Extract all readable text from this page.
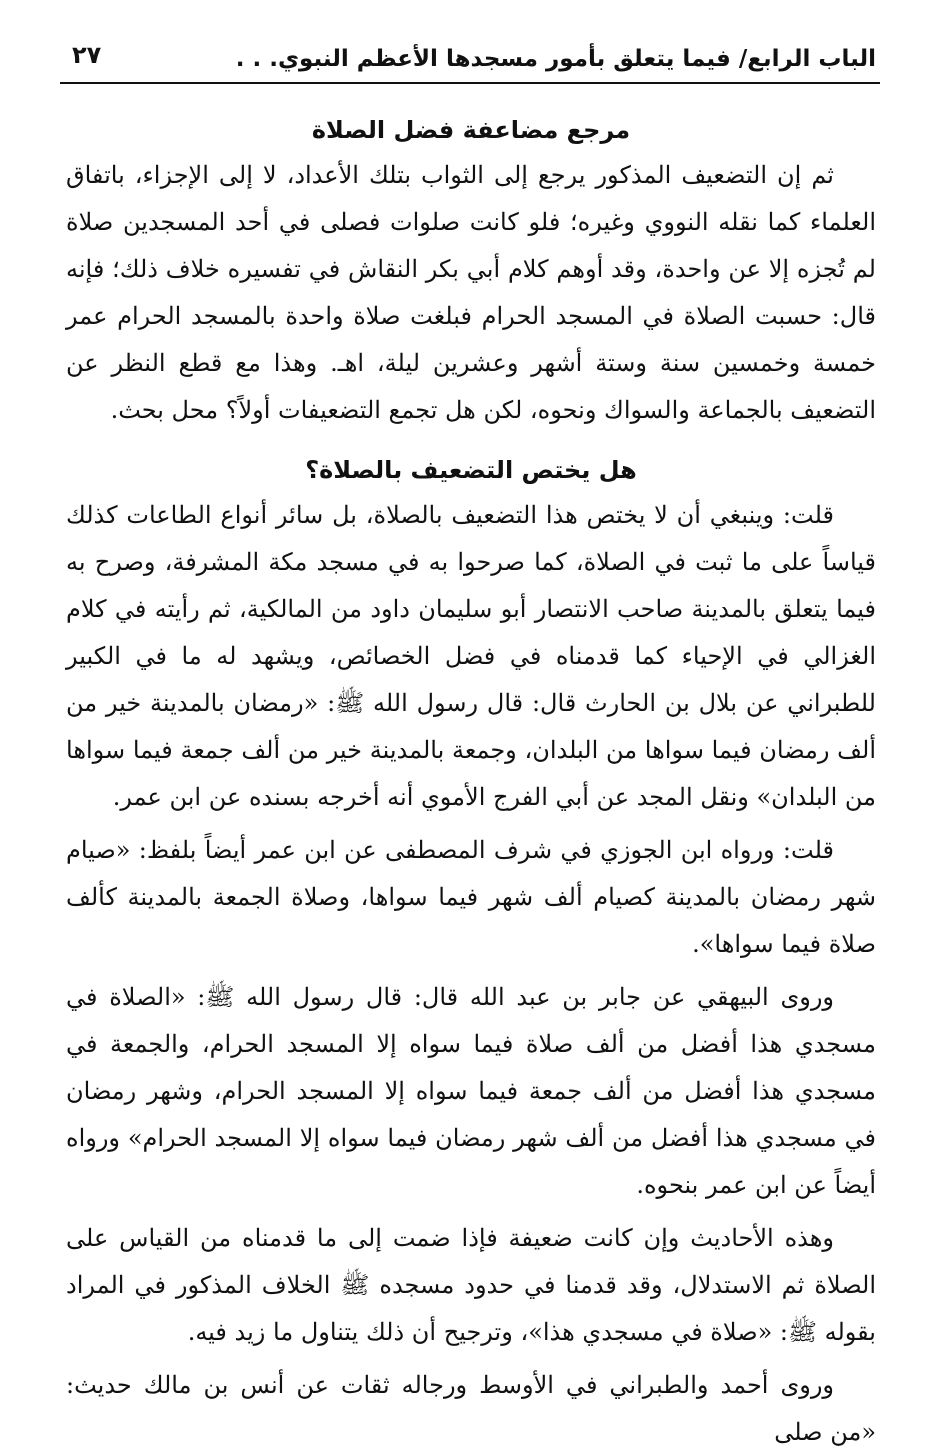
الباب الرابع/ فيما يتعلق بأمور مسجدها الأعظم النبوي. . .
٢٧
مرجع مضاعفة فضل الصلاة

ثم إن التضعيف المذكور يرجع إلى الثواب بتلك الأعداد، لا إلى الإجزاء، باتفاق العلماء كما نقله النووي وغيره؛ فلو كانت صلوات فصلى في أحد المسجدين صلاة لم تُجزه إلا عن واحدة، وقد أوهم كلام أبي بكر النقاش في تفسيره خلاف ذلك؛ فإنه قال: حسبت الصلاة في المسجد الحرام فبلغت صلاة واحدة بالمسجد الحرام عمر خمسة وخمسين سنة وستة أشهر وعشرين ليلة، اهـ. وهذا مع قطع النظر عن التضعيف بالجماعة والسواك ونحوه، لكن هل تجمع التضعيفات أولاً؟ محل بحث.

هل يختص التضعيف بالصلاة؟

قلت: وينبغي أن لا يختص هذا التضعيف بالصلاة، بل سائر أنواع الطاعات كذلك قياساً على ما ثبت في الصلاة، كما صرحوا به في مسجد مكة المشرفة، وصرح به فيما يتعلق بالمدينة صاحب الانتصار أبو سليمان داود من المالكية، ثم رأيته في كلام الغزالي في الإحياء كما قدمناه في فضل الخصائص، ويشهد له ما في الكبير للطبراني عن بلال بن الحارث قال: قال رسول الله ﷺ: «رمضان بالمدينة خير من ألف رمضان فيما سواها من البلدان، وجمعة بالمدينة خير من ألف جمعة فيما سواها من البلدان» ونقل المجد عن أبي الفرج الأموي أنه أخرجه بسنده عن ابن عمر.

قلت: ورواه ابن الجوزي في شرف المصطفى عن ابن عمر أيضاً بلفظ: «صيام شهر رمضان بالمدينة كصيام ألف شهر فيما سواها، وصلاة الجمعة بالمدينة كألف صلاة فيما سواها».

وروى البيهقي عن جابر بن عبد الله قال: قال رسول الله ﷺ: «الصلاة في مسجدي هذا أفضل من ألف صلاة فيما سواه إلا المسجد الحرام، والجمعة في مسجدي هذا أفضل من ألف جمعة فيما سواه إلا المسجد الحرام، وشهر رمضان في مسجدي هذا أفضل من ألف شهر رمضان فيما سواه إلا المسجد الحرام» ورواه أيضاً عن ابن عمر بنحوه.

وهذه الأحاديث وإن كانت ضعيفة فإذا ضمت إلى ما قدمناه من القياس على الصلاة ثم الاستدلال، وقد قدمنا في حدود مسجده ﷺ الخلاف المذكور في المراد بقوله ﷺ: «صلاة في مسجدي هذا»، وترجيح أن ذلك يتناول ما زيد فيه.

وروى أحمد والطبراني في الأوسط ورجاله ثقات عن أنس بن مالك حديث: «من صلى
